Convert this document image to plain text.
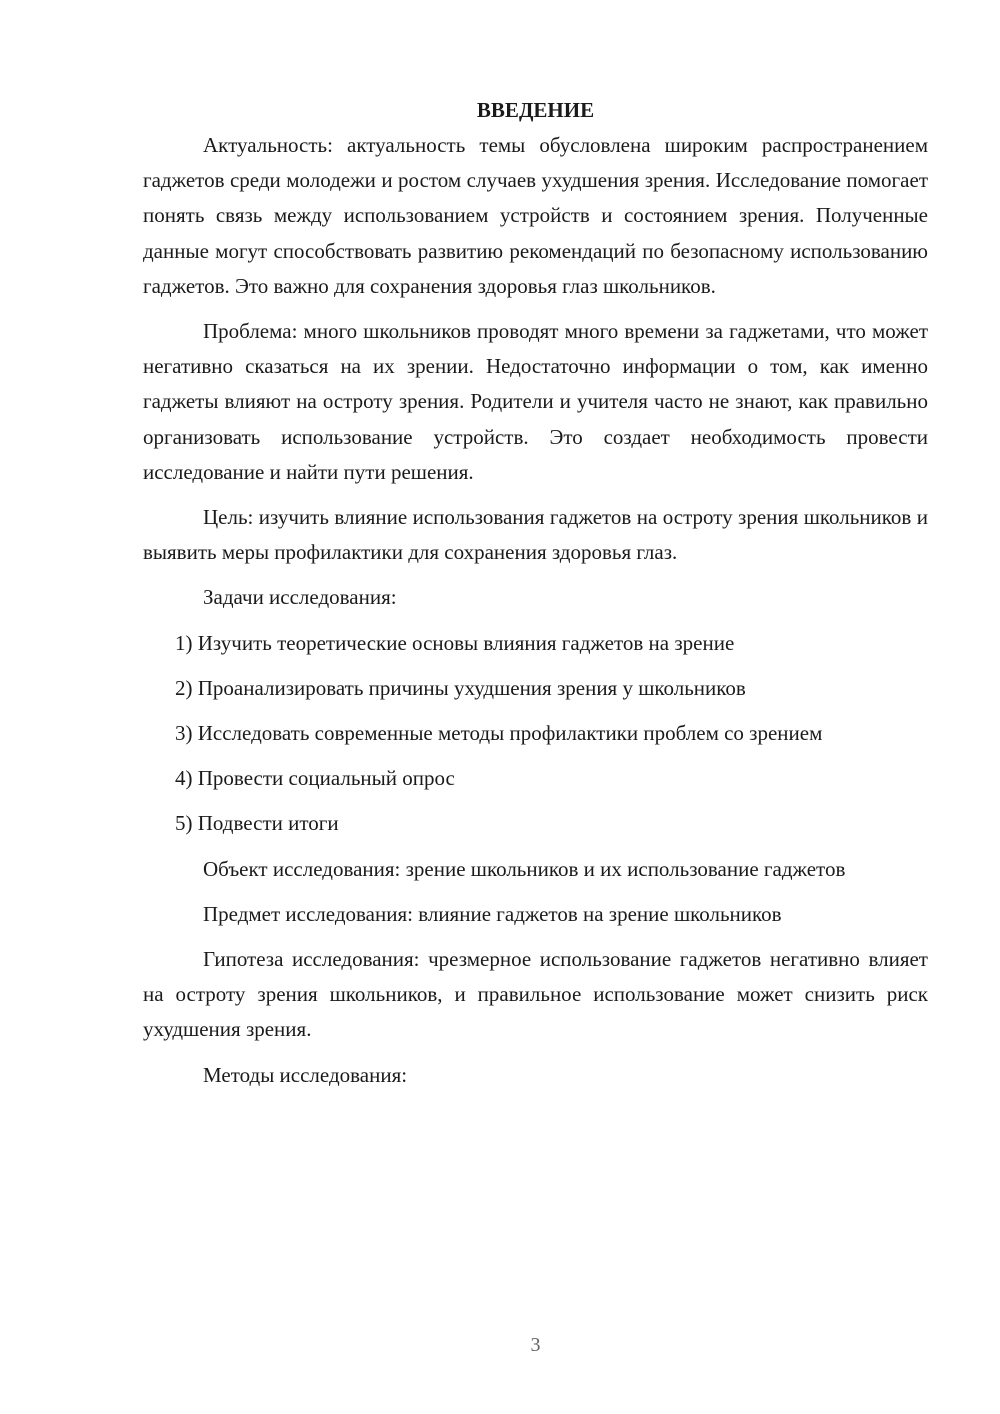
ВВЕДЕНИЕ

Актуальность: актуальность темы обусловлена широким распространением гаджетов среди молодежи и ростом случаев ухудшения зрения. Исследование помогает понять связь между использованием устройств и состоянием зрения. Полученные данные могут способствовать развитию рекомендаций по безопасному использованию гаджетов. Это важно для сохранения здоровья глаз школьников.

Проблема: много школьников проводят много времени за гаджетами, что может негативно сказаться на их зрении. Недостаточно информации о том, как именно гаджеты влияют на остроту зрения. Родители и учителя часто не знают, как правильно организовать использование устройств. Это создает необходимость провести исследование и найти пути решения.

Цель: изучить влияние использования гаджетов на остроту зрения школьников и выявить меры профилактики для сохранения здоровья глаз.

Задачи исследования:

1) Изучить теоретические основы влияния гаджетов на зрение

2) Проанализировать причины ухудшения зрения у школьников

3) Исследовать современные методы профилактики проблем со зрением

4) Провести социальный опрос

5) Подвести итоги

Объект исследования: зрение школьников и их использование гаджетов

Предмет исследования: влияние гаджетов на зрение школьников

Гипотеза исследования: чрезмерное использование гаджетов негативно влияет на остроту зрения школьников, и правильное использование может снизить риск ухудшения зрения.

Методы исследования:

3
